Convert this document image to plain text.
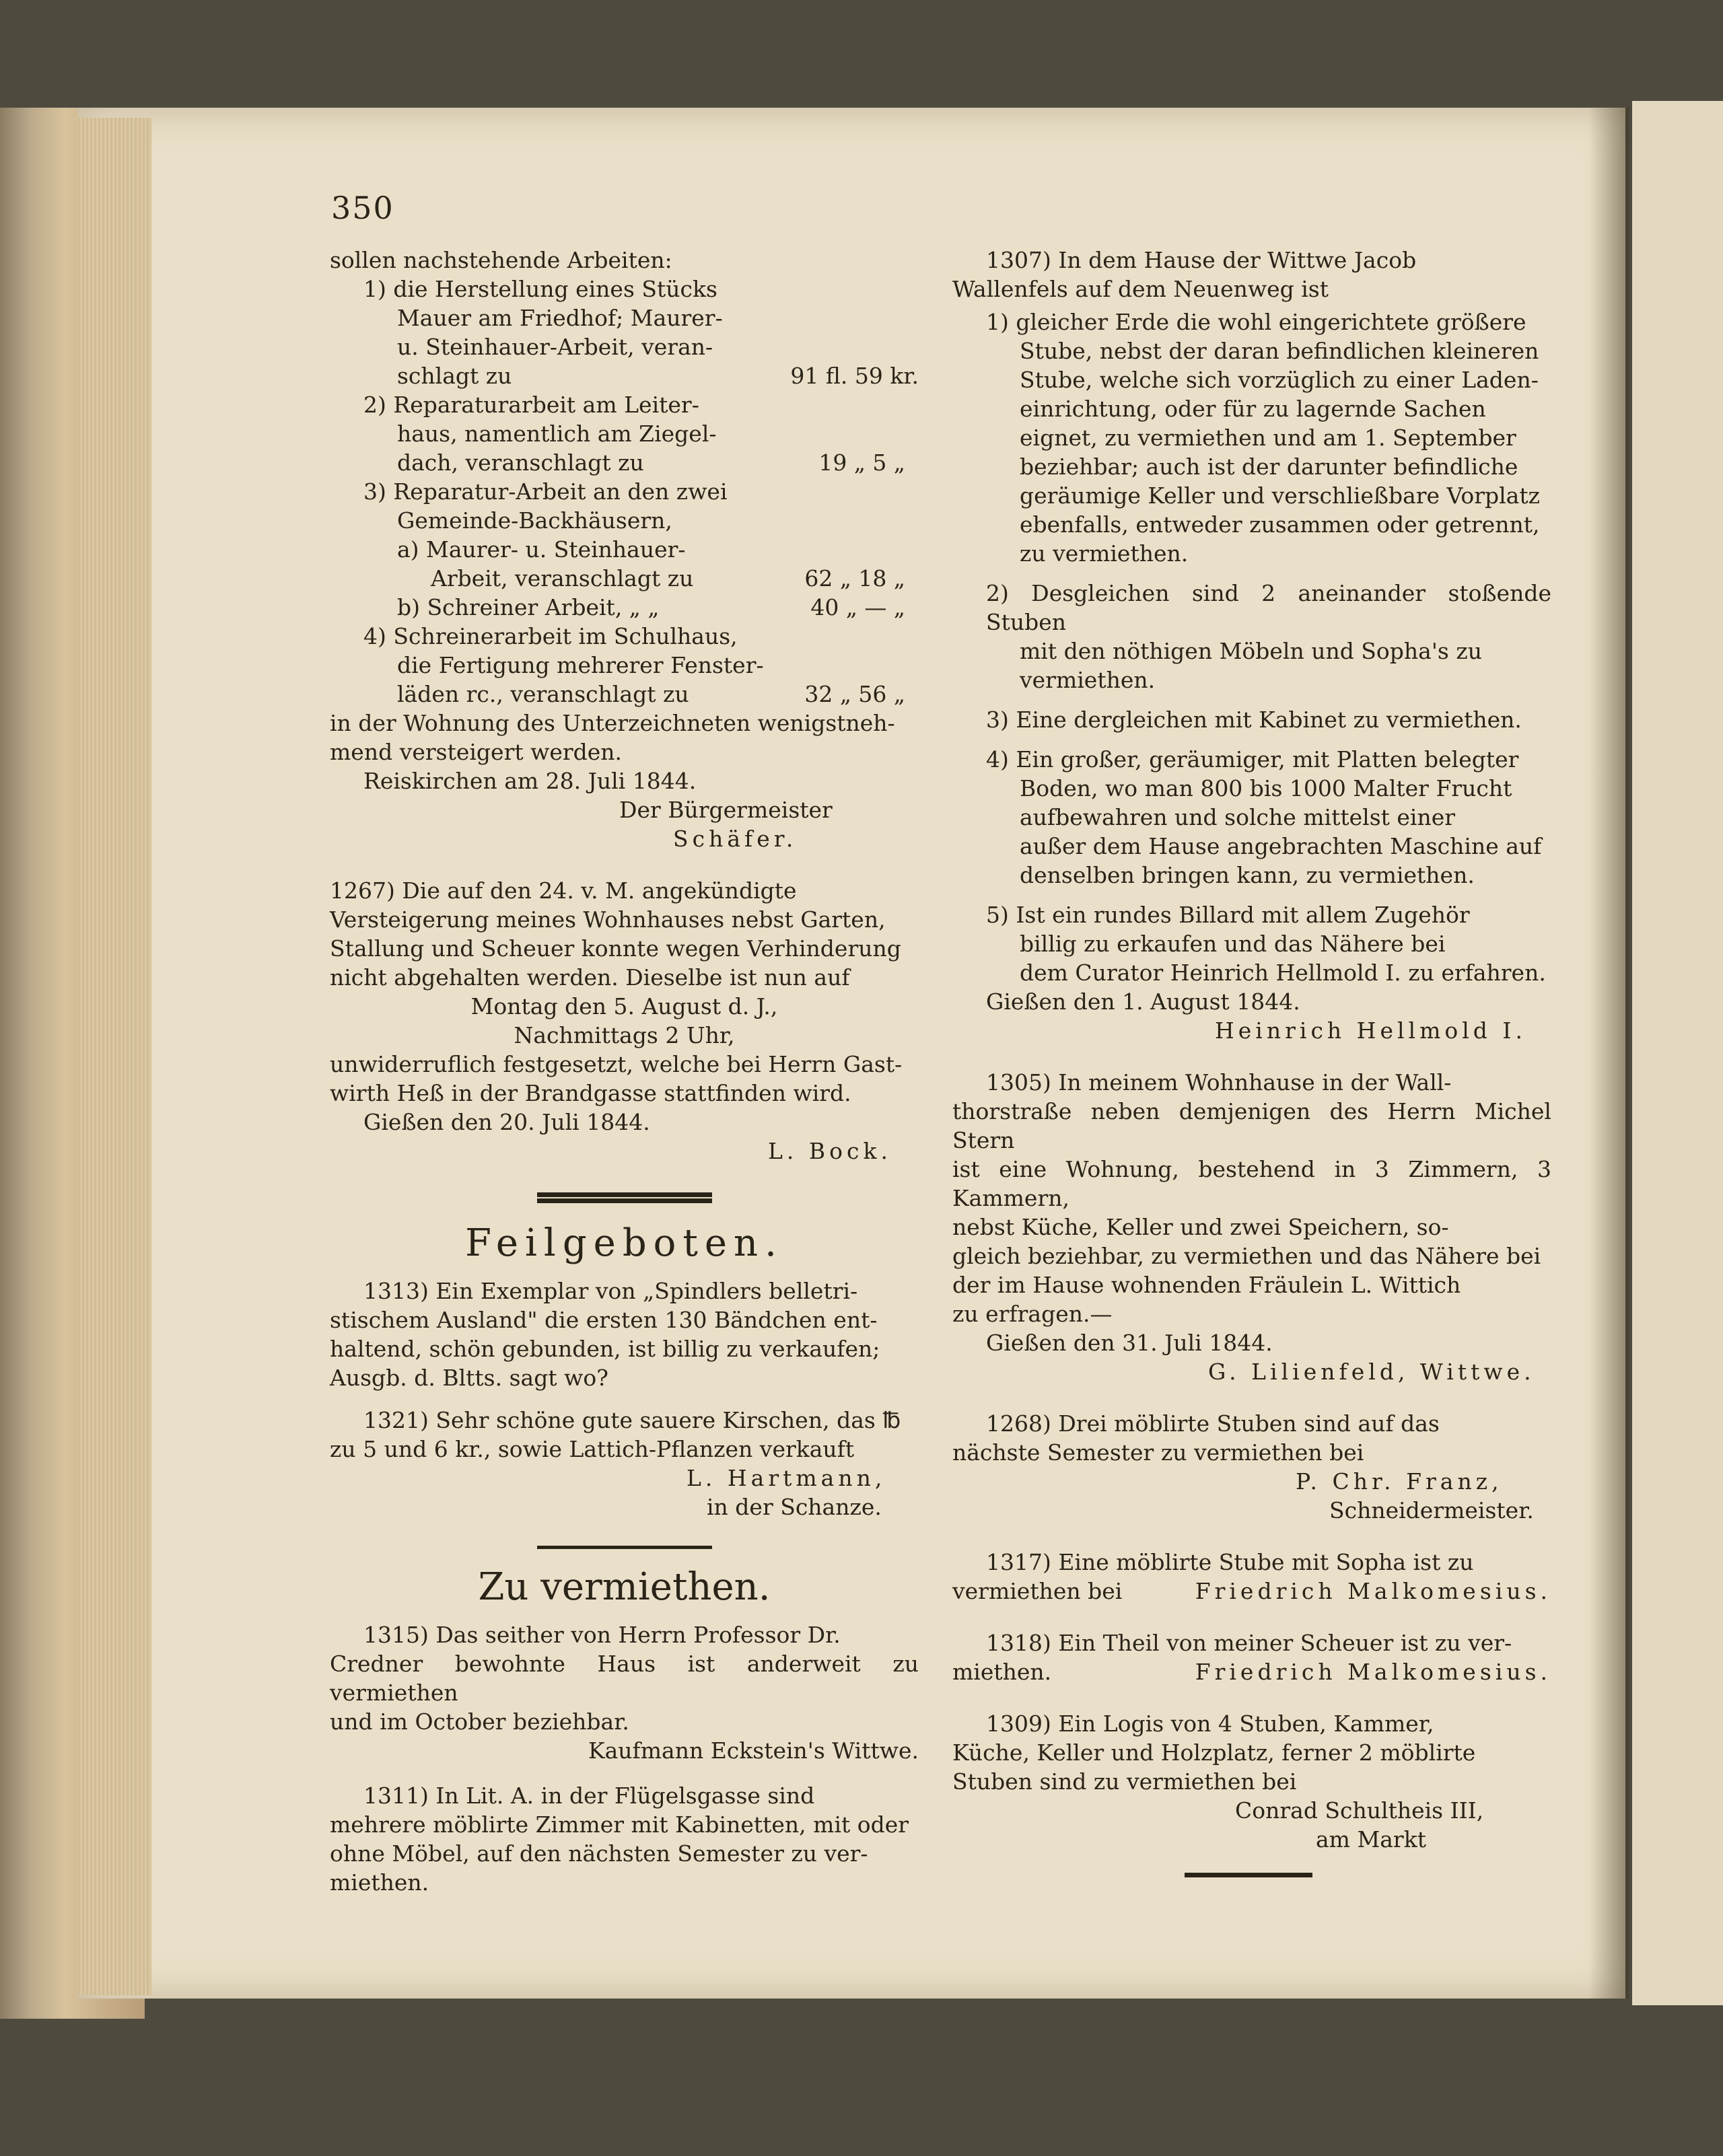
350
sollen nachstehende Arbeiten:
1) die Herstellung eines Stücks
Mauer am Friedhof; Maurer-
u. Steinhauer-Arbeit, veran-
schlagt zu	91 fl. 59 kr.
2) Reparaturarbeit am Leiter-
haus, namentlich am Ziegel-
dach, veranschlagt zu	19 „ 5 „
3) Reparatur-Arbeit an den zwei
Gemeinde-Backhäusern,
a) Maurer- u. Steinhauer-
Arbeit, veranschlagt zu	62 „ 18 „
b) Schreiner Arbeit, „ „	40 „ — „
4) Schreinerarbeit im Schulhaus,
die Fertigung mehrerer Fenster-
läden rc., veranschlagt zu	32 „ 56 „
in der Wohnung des Unterzeichneten wenigstneh-
mend versteigert werden.
Reiskirchen am 28. Juli 1844.
Der Bürgermeister
Schäfer.
1267) Die auf den 24. v. M. angekündigte
Versteigerung meines Wohnhauses nebst Garten,
Stallung und Scheuer konnte wegen Verhinderung
nicht abgehalten werden. Dieselbe ist nun auf
Montag den 5. August d. J.,
Nachmittags 2 Uhr,
unwiderruflich festgesetzt, welche bei Herrn Gast-
wirth Heß in der Brandgasse stattfinden wird.
Gießen den 20. Juli 1844.
L. Bock.
Feilgeboten.
1313) Ein Exemplar von „Spindlers belletri-
stischem Ausland" die ersten 130 Bändchen ent-
haltend, schön gebunden, ist billig zu verkaufen;
Ausgb. d. Bltts. sagt wo?
1321) Sehr schöne gute sauere Kirschen, das ℔
zu 5 und 6 kr., sowie Lattich-Pflanzen verkauft
L. Hartmann,
in der Schanze.
Zu vermiethen.
1315) Das seither von Herrn Professor Dr.
Credner bewohnte Haus ist anderweit zu vermiethen
und im October beziehbar.
Kaufmann Eckstein's Wittwe.
1311) In Lit. A. in der Flügelsgasse sind
mehrere möblirte Zimmer mit Kabinetten, mit oder
ohne Möbel, auf den nächsten Semester zu ver-
miethen.
1307) In dem Hause der Wittwe Jacob
Wallenfels auf dem Neuenweg ist
1) gleicher Erde die wohl eingerichtete größere
Stube, nebst der daran befindlichen kleineren
Stube, welche sich vorzüglich zu einer Laden-
einrichtung, oder für zu lagernde Sachen
eignet, zu vermiethen und am 1. September
beziehbar; auch ist der darunter befindliche
geräumige Keller und verschließbare Vorplatz
ebenfalls, entweder zusammen oder getrennt,
zu vermiethen.
2) Desgleichen sind 2 aneinander stoßende Stuben
mit den nöthigen Möbeln und Sopha's zu
vermiethen.
3) Eine dergleichen mit Kabinet zu vermiethen.
4) Ein großer, geräumiger, mit Platten belegter
Boden, wo man 800 bis 1000 Malter Frucht
aufbewahren und solche mittelst einer
außer dem Hause angebrachten Maschine auf
denselben bringen kann, zu vermiethen.
5) Ist ein rundes Billard mit allem Zugehör
billig zu erkaufen und das Nähere bei
dem Curator Heinrich Hellmold I. zu erfahren.
Gießen den 1. August 1844.
Heinrich Hellmold I.
1305) In meinem Wohnhause in der Wall-
thorstraße neben demjenigen des Herrn Michel Stern
ist eine Wohnung, bestehend in 3 Zimmern, 3 Kammern,
nebst Küche, Keller und zwei Speichern, so-
gleich beziehbar, zu vermiethen und das Nähere bei
der im Hause wohnenden Fräulein L. Wittich
zu erfragen.—
Gießen den 31. Juli 1844.
G. Lilienfeld, Wittwe.
1268) Drei möblirte Stuben sind auf das
nächste Semester zu vermiethen bei
P. Chr. Franz,
Schneidermeister.
1317) Eine möblirte Stube mit Sopha ist zu
vermiethen bei	Friedrich Malkomesius.
1318) Ein Theil von meiner Scheuer ist zu ver-
miethen.	Friedrich Malkomesius.
1309) Ein Logis von 4 Stuben, Kammer,
Küche, Keller und Holzplatz, ferner 2 möblirte
Stuben sind zu vermiethen bei
Conrad Schultheis III,
am Markt
